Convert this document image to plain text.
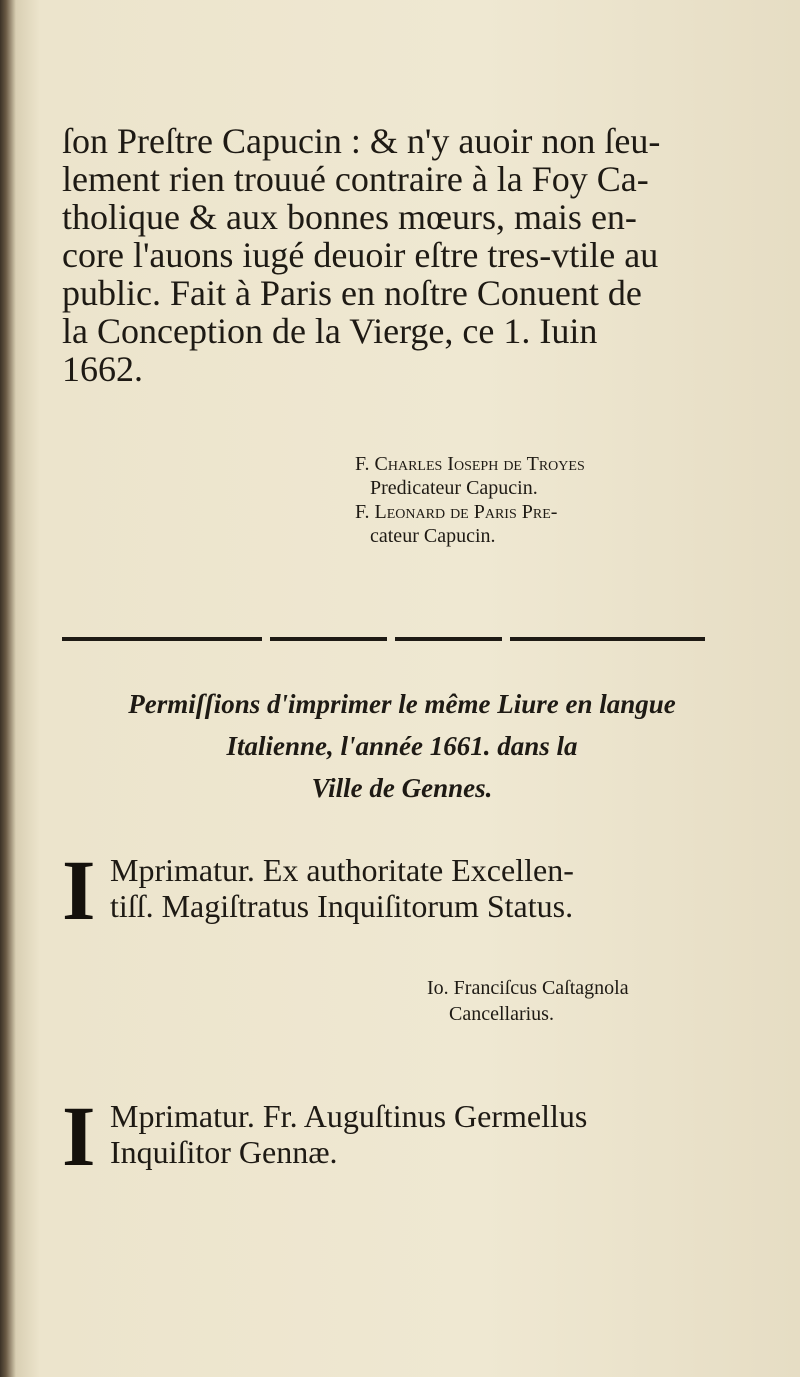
ſon Preſtre Capucin : & n'y auoir non ſeu-
lement rien trouué contraire à la Foy Ca-
tholique & aux bonnes mœurs, mais en-
core l'auons iugé deuoir eſtre tres-vtile au
public. Fait à Paris en noſtre Conuent de
la Conception de la Vierge, ce 1. Iuin
1662.
F. Charles Ioseph de Troyes
Predicateur Capucin.
F. Leonard de Paris Pre-
cateur Capucin.
Permiſſions d'imprimer le même Liure en langue
Italienne, l'année 1661. dans la
Ville de Gennes.
I Mprimatur. Ex authoritate Excellen-
tiſſ. Magiſtratus Inquiſitorum Status.
Io. Franciſcus Caſtagnola
Cancellarius.
I Mprimatur. Fr. Auguſtinus Germellus
Inquiſitor Gennæ.
